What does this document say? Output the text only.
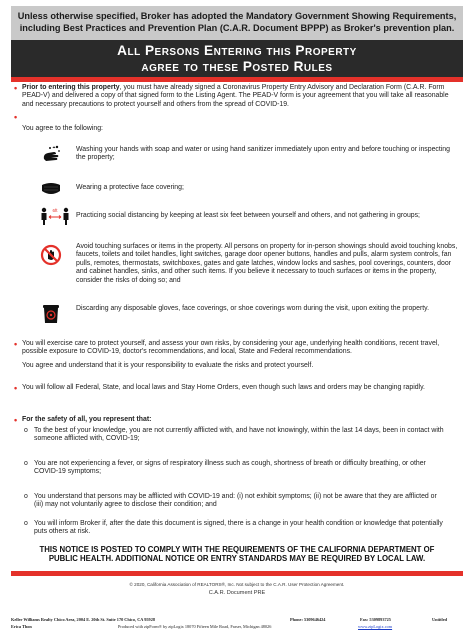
Unless otherwise specified, Broker has adopted the Mandatory Government Showing Requirements,
including Best Practices and Prevention Plan (C.A.R. Document BPPP) as Broker's prevention plan.
All Persons Entering this Property
agree to these Posted Rules
• Prior to entering this property, you must have already signed a Coronavirus Property Entry Advisory and Declaration Form (C.A.R. Form PEAD-V) and delivered a copy of that signed form to the Listing Agent. The PEAD-V form is your agreement that you will take all reasonable and necessary precautions to protect yourself and others from the spread of COVID-19.
•
You agree to the following:
Washing your hands with soap and water or using hand sanitizer immediately upon entry and before touching or inspecting the property;
Wearing a protective face covering;
6ft
Practicing social distancing by keeping at least six feet between yourself and others, and not gathering in groups;
Avoid touching surfaces or items in the property. All persons on property for in-person showings should avoid touching knobs, faucets, toilets and toilet handles, light switches, garage door opener buttons, handles and pulls, alarm system controls, fan pulls, remotes, thermostats, switchboxes, gates and gate latches, window locks and sashes, pool coverings, counters, door and cabinet handles, sinks, and other such items. If you believe it necessary to touch surfaces or items in the property, consider the risks of doing so; and
Discarding any disposable gloves, face coverings, or shoe coverings worn during the visit, upon exiting the property.
• You will exercise care to protect yourself, and assess your own risks, by considering your age, underlying health conditions, recent travel, possible exposure to COVID-19, doctor's recommendations, and local, State and Federal recommendations.
You agree and understand that it is your responsibility to evaluate the risks and protect yourself.
• You will follow all Federal, State, and local laws and Stay Home Orders, even though such laws and orders may be changing rapidly.
• For the safety of all, you represent that:
o To the best of your knowledge, you are not currently afflicted with, and have not knowingly, within the last 14 days, been in contact with someone afflicted with, COVID-19;
o You are not experiencing a fever, or signs of respiratory illness such as cough, shortness of breath or difficulty breathing, or other COVID-19 symptoms;
o You understand that persons may be afflicted with COVID-19 and: (i) not exhibit symptoms; (ii) not be aware that they are afflicted or (iii) may not voluntarily agree to disclose their condition; and
o You will inform Broker if, after the date this document is signed, there is a change in your health condition or knowledge that potentially puts others at risk.
THIS NOTICE IS POSTED TO COMPLY WITH THE REQUIREMENTS OF THE CALIFORNIA DEPARTMENT OF
PUBLIC HEALTH. ADDITIONAL NOTICE OR ENTRY STANDARDS MAY BE REQUIRED BY LOCAL LAW.
© 2020, California Association of REALTORS®, Inc. Not subject to the C.A.R. User Protection Agreement.
C.A.R. Document PRE
Keller Williams Realty Chico Area, 2004 E. 20th St. Suite 170 Chico, CA 95928	Phone: 5309646424	Fax: 5309893725	Untitled
Erica Thon	Produced with zipForm® by zipLogix 18070 Fifteen Mile Road, Fraser, Michigan 48026	www.zipLogix.com
